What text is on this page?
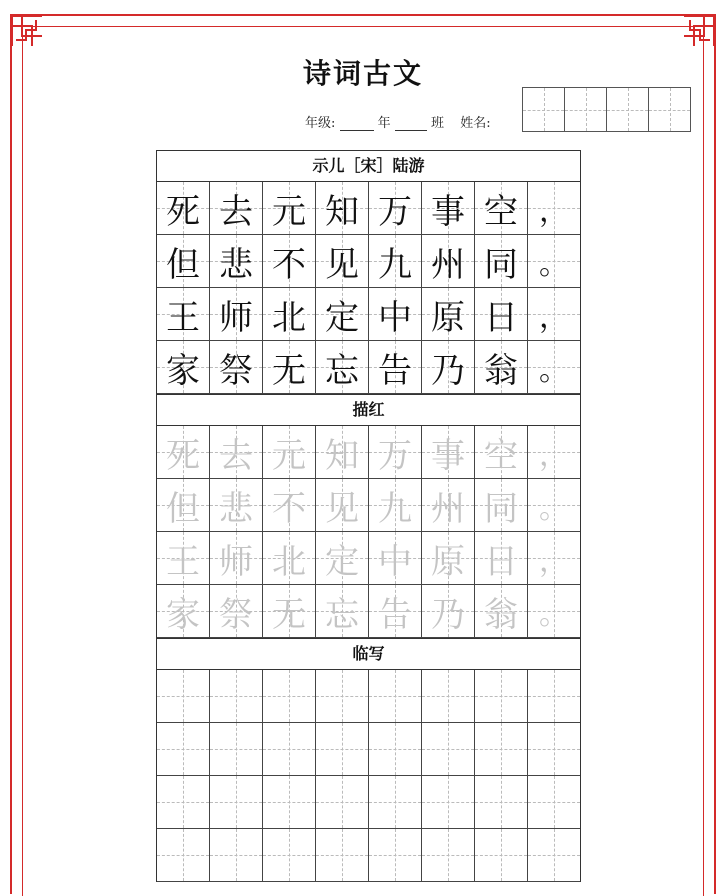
诗词古文
年级:	年	班 姓名:
示儿［宋］陆游
死 去 元 知 万 事 空 ，
但 悲 不 见 九 州 同 。
王 师 北 定 中 原 日 ，
家 祭 无 忘 告 乃 翁 。
描红
死 去 元 知 万 事 空 ，
但 悲 不 见 九 州 同 。
王 师 北 定 中 原 日 ，
家 祭 无 忘 告 乃 翁 。
临写
